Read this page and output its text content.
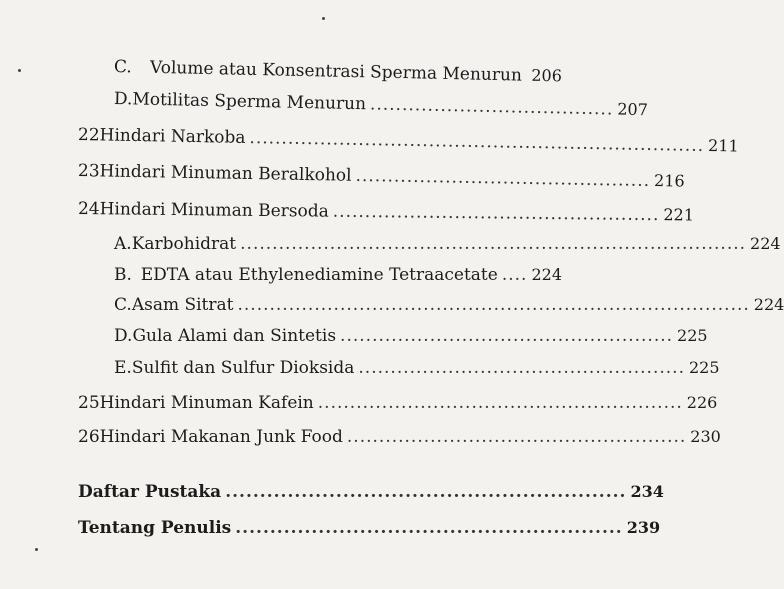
C.	Volume atau Konsentrasi Sperma Menurun 206
D. Motilitas Sperma Menurun ...................................... 207
22 Hindari Narkoba ....................................................................... 211
23 Hindari Minuman Beralkohol .............................................. 216
24 Hindari Minuman Bersoda ................................................... 221
A. Karbohidrat ............................................................................... 224
B. EDTA atau Ethylenediamine Tetraacetate .... 224
C. Asam Sitrat ................................................................................ 224
D. Gula Alami dan Sintetis .................................................... 225
E. Sulfit dan Sulfur Dioksida ................................................... 225
25 Hindari Minuman Kafein ......................................................... 226
26 Hindari Makanan Junk Food ..................................................... 230
Daftar Pustaka .......................................................... 234
Tentang Penulis ........................................................ 239
